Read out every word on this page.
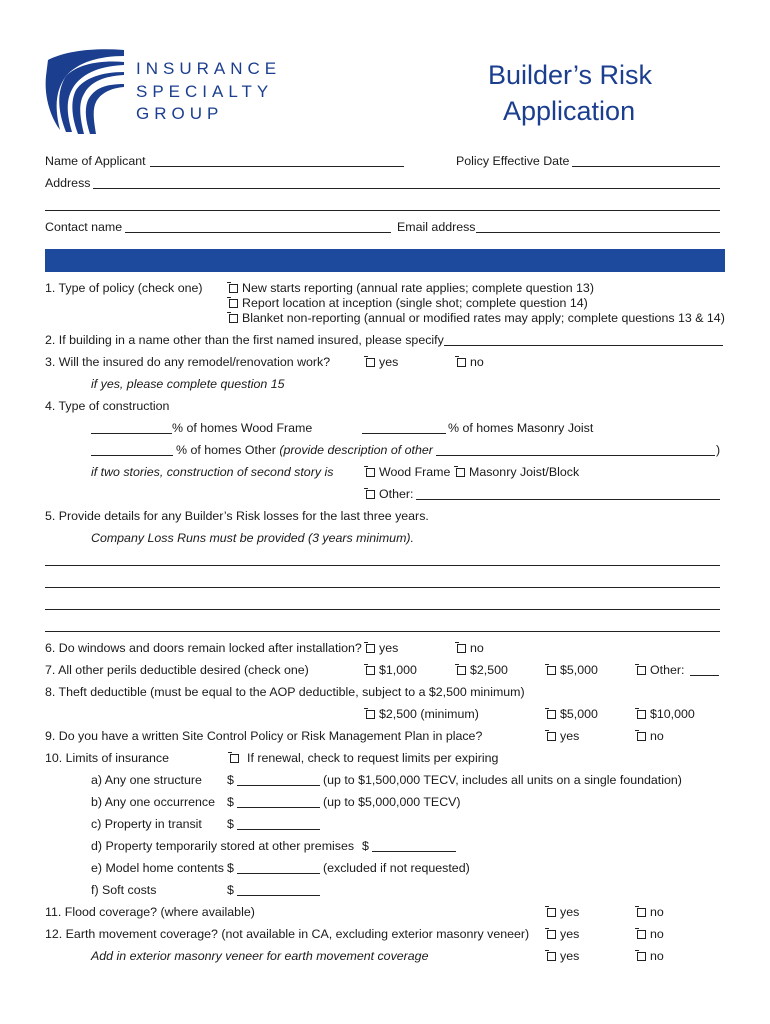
INSURANCE
SPECIALTY
GROUP
Builder’s Risk
Application
Name of Applicant	Policy Effective Date
Address
Contact name	Email address
1. Type of policy (check one)	New starts reporting (annual rate applies; complete question 13)
Report location at inception (single shot; complete question 14)
Blanket non-reporting (annual or modified rates may apply; complete questions 13 & 14)
2. If building in a name other than the first named insured, please specify
3. Will the insured do any remodel/renovation work?	yes	no
if yes, please complete question 15
4. Type of construction
% of homes Wood Frame	% of homes Masonry Joist
% of homes Other (provide description of other	)
if two stories, construction of second story is	Wood Frame	Masonry Joist/Block
Other:
5. Provide details for any Builder’s Risk losses for the last three years.
Company Loss Runs must be provided (3 years minimum).
6. Do windows and doors remain locked after installation?	yes	no
7. All other perils deductible desired (check one)	$1,000	$2,500	$5,000	Other:
8. Theft deductible (must be equal to the AOP deductible, subject to a $2,500 minimum)
$2,500 (minimum)	$5,000	$10,000
9. Do you have a written Site Control Policy or Risk Management Plan in place?	yes	no
10. Limits of insurance	If renewal, check to request limits per expiring
a) Any one structure $	(up to $1,500,000 TECV, includes all units on a single foundation)
b) Any one occurrence $	(up to $5,000,000 TECV)
c) Property in transit $
d) Property temporarily stored at other premises $
e) Model home contents $	(excluded if not requested)
f) Soft costs	$
11. Flood coverage? (where available)	yes	no
12. Earth movement coverage? (not available in CA, excluding exterior masonry veneer)	yes	no
Add in exterior masonry veneer for earth movement coverage	yes	no
